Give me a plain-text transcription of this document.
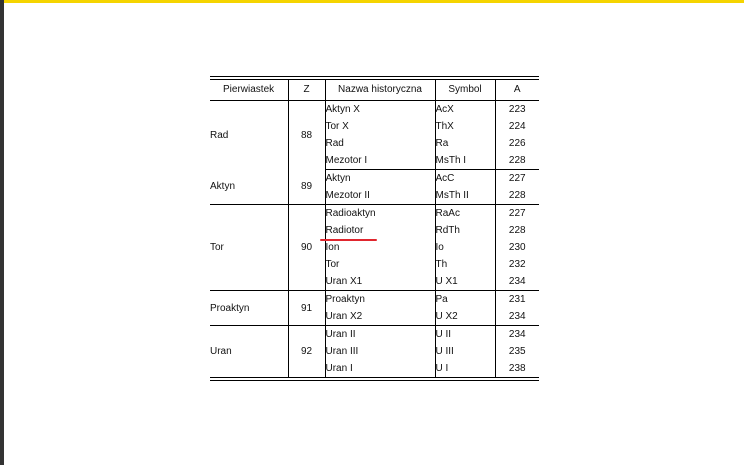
Pierwiastek	Z	Nazwa historyczna	Symbol	A
Rad	88	Aktyn X	AcX	223
		Tor X	ThX	224
		Rad	Ra	226
		Mezotor I	MsTh I	228
Aktyn	89	Aktyn	AcC	227
		Mezotor II	MsTh II	228
Tor	90	Radioaktyn	RaAc	227
		Radiotor	RdTh	228
		Ion	Io	230
		Tor	Th	232
		Uran X1	U X1	234
Proaktyn	91	Proaktyn	Pa	231
		Uran X2	U X2	234
Uran	92	Uran II	U II	234
		Uran III	U III	235
		Uran I	U I	238
